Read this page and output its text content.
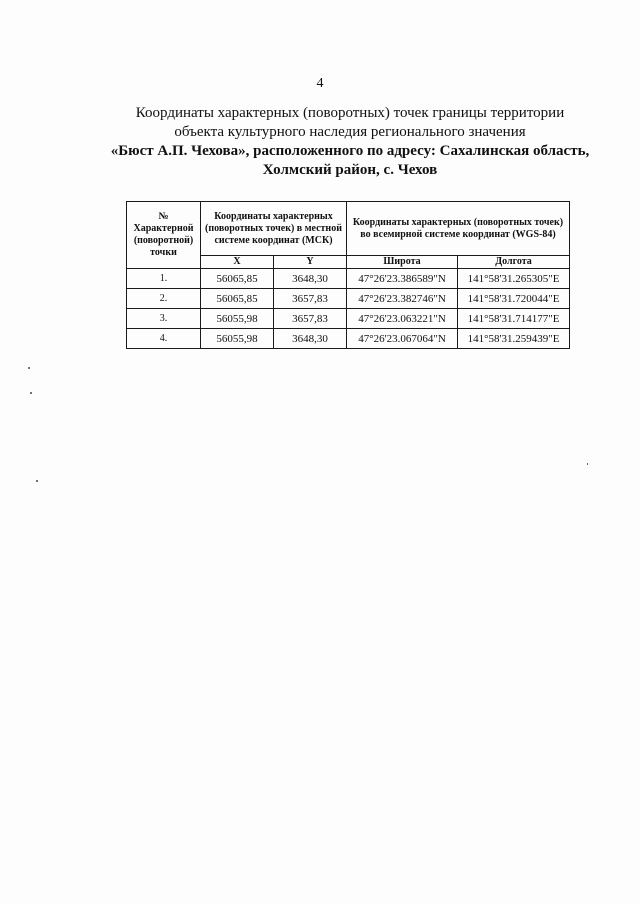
4
Координаты характерных (поворотных) точек границы территории
объекта культурного наследия регионального значения
«Бюст А.П. Чехова», расположенного по адресу: Сахалинская область,
Холмский район, с. Чехов
№ Характерной (поворотной) точки	Координаты характерных (поворотных точек) в местной системе координат (МСК)		Координаты характерных (поворотных точек) во всемирной системе координат (WGS-84)	
	X	Y	Широта	Долгота
1.	56065,85	3648,30	47°26'23.386589"N	141°58'31.265305"E
2.	56065,85	3657,83	47°26'23.382746"N	141°58'31.720044"E
3.	56055,98	3657,83	47°26'23.063221"N	141°58'31.714177"E
4.	56055,98	3648,30	47°26'23.067064"N	141°58'31.259439"E
